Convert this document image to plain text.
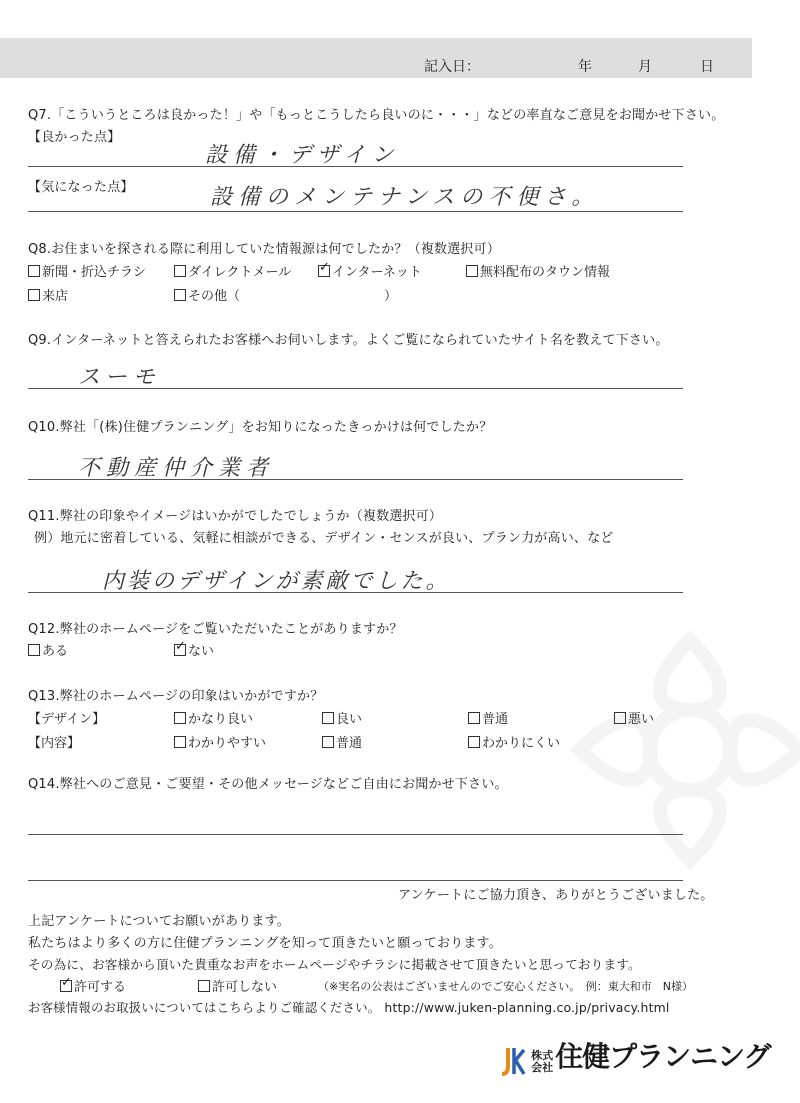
記入日：	年	月	日
Q7.「こういうところは良かった！」や「もっとこうしたら良いのに・・・」などの率直なご意見をお聞かせ下さい。
【良かった点】
設備・デザイン
【気になった点】	設備のメンテナンスの不便さ。
Q8.お住まいを探される際に利用していた情報源は何でしたか？（複数選択可）
新聞・折込チラシ	ダイレクトメール ✓	インターネット	無料配布のタウン情報
来店	その他（	）
Q9.インターネットと答えられたお客様へお伺いします。よくご覧になられていたサイト名を教えて下さい。
スーモ
Q10.弊社「(株)住健プランニング」をお知りになったきっかけは何でしたか？
不動産仲介業者
Q11.弊社の印象やイメージはいかがでしたでしょうか（複数選択可）
例）地元に密着している、気軽に相談ができる、デザイン・センスが良い、プラン力が高い、など
内装のデザインが素敵でした。
Q12.弊社のホームページをご覧いただいたことがありますか？
ある ✓	ない
Q13.弊社のホームページの印象はいかがですか？
【デザイン】	かなり良い	良い	普通	悪い
【内容】	わかりやすい	普通	わかりにくい
Q14.弊社へのご意見・ご要望・その他メッセージなどご自由にお聞かせ下さい。
アンケートにご協力頂き、ありがとうございました。
上記アンケートについてお願いがあります。
私たちはより多くの方に住健プランニングを知って頂きたいと願っております。
その為に、お客様から頂いた貴重なお声をホームページやチラシに掲載させて頂きたいと思っております。
✓許可する	許可しない	（※実名の公表はございませんのでご安心ください。　例：東大和市　N様）
お客様情報のお取扱いについてはこちらよりご確認ください。 http://www.juken-planning.co.jp/privacy.html
株式
会社住健プランニング
